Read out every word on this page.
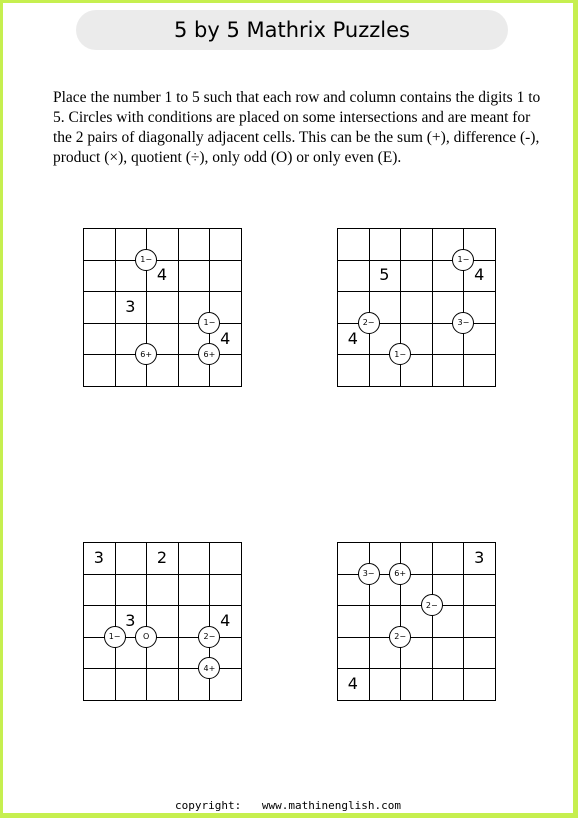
5 by 5 Mathrix Puzzles
Place the number 1 to 5 such that each row and column contains the digits 1 to 5. Circles with conditions are placed on some intersections and are meant for the 2 pairs of diagonally adjacent cells. This can be the sum (+), difference (-), product (×), quotient (÷), only odd (O) or only even (E).
4
3
4
1−
1−
6+	6+
5	4
4
1−
2−	3−
1−
3	2
3	4
1−	O	2−
4+
3
4
3−	6+
2−
2−
copyright: www.mathinenglish.com
